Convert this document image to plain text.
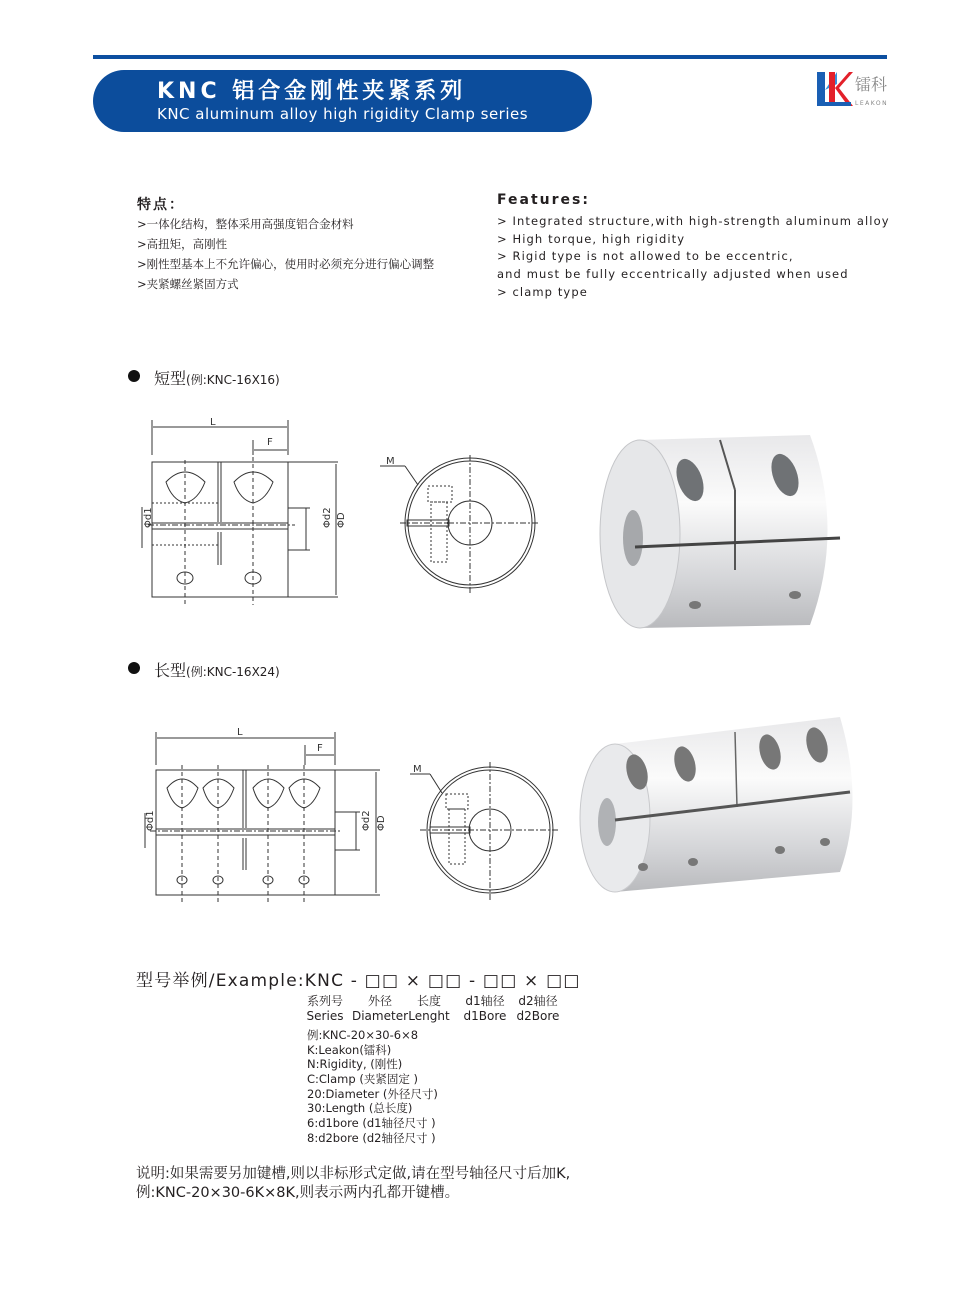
KNC 铝合金刚性夹紧系列
KNC aluminum alloy high rigidity Clamp series
镭科
LEAKON
特点：
>一体化结构，整体采用高强度铝合金材料
>高扭矩，高刚性
>刚性型基本上不允许偏心，使用时必须充分进行偏心调整
>夹紧螺丝紧固方式
Features:
> Integrated structure,with high-strength aluminum alloy
> High torque, high rigidity
> Rigid type is not allowed to be eccentric,
and must be fully eccentrically adjusted when used
> clamp type
短型(例:KNC-16X16)
L
F
Φd1	Φd2 ΦD
M
长型(例:KNC-16X24)
L
F
Φd1	Φd2 ΦD
M
型号举例/Example:KNC - □□ × □□ - □□ × □□
系列号
Series
外径
Diameter
长度
Lenght
d1轴径
d1Bore
d2轴径
d2Bore
例:KNC-20×30-6×8
K:Leakon(镭科)
N:Rigidity, (刚性)
C:Clamp (夹紧固定 )
20:Diameter (外径尺寸)
30:Length (总长度)
6:d1bore (d1轴径尺寸 )
8:d2bore (d2轴径尺寸 )
说明:如果需要另加键槽,则以非标形式定做,请在型号轴径尺寸后加K,
例:KNC-20×30-6K×8K,则表示两内孔都开键槽。
